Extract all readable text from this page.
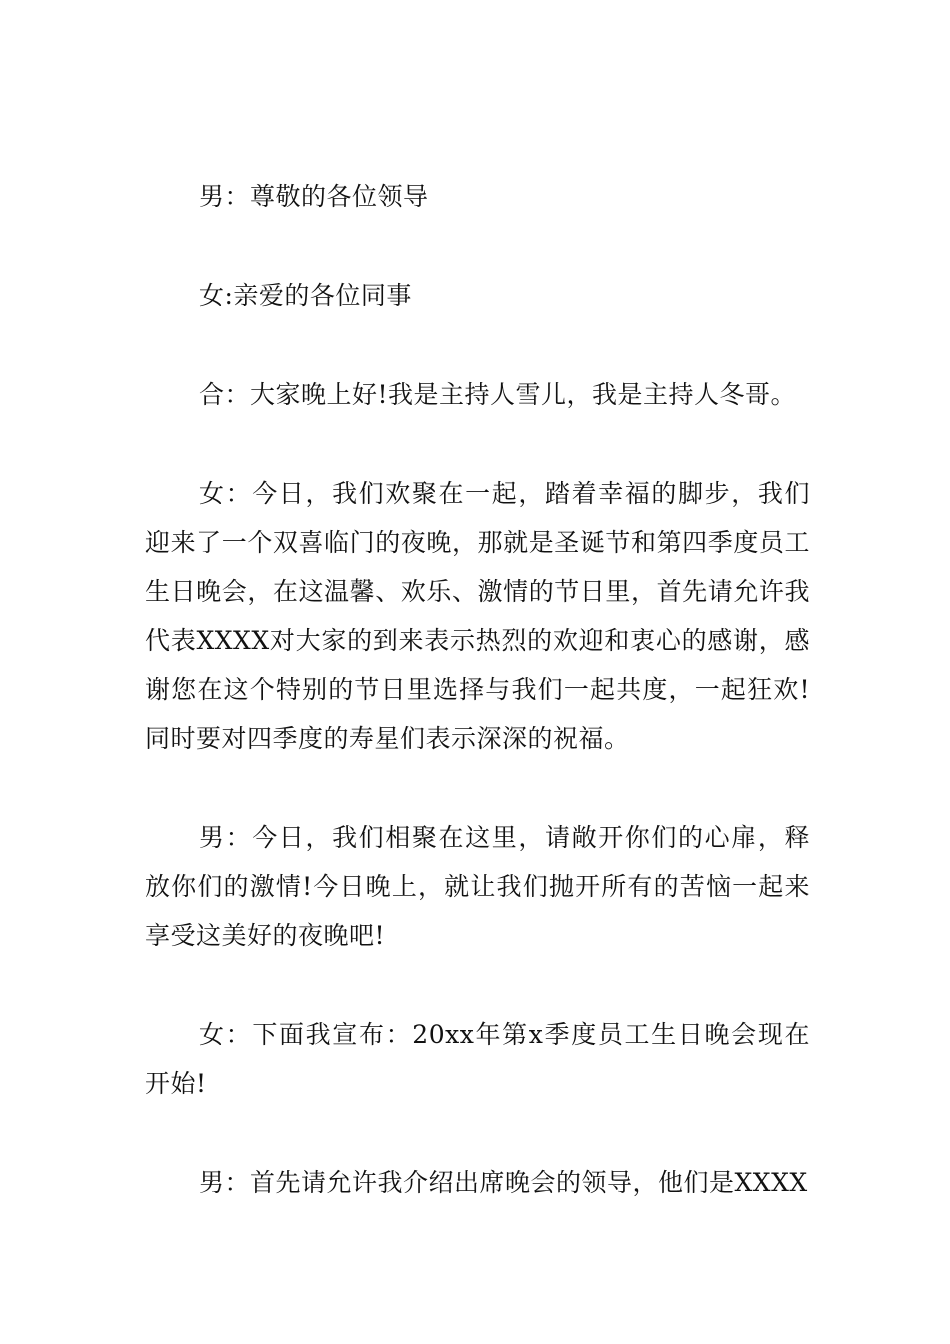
男：尊敬的各位领导

女:亲爱的各位同事

合：大家晚上好!我是主持人雪儿，我是主持人冬哥。

女：今日，我们欢聚在一起，踏着幸福的脚步，我们迎来了一个双喜临门的夜晚，那就是圣诞节和第四季度员工生日晚会，在这温馨、欢乐、激情的节日里，首先请允许我代表XXXX对大家的到来表示热烈的欢迎和衷心的感谢，感谢您在这个特别的节日里选择与我们一起共度，一起狂欢!同时要对四季度的寿星们表示深深的祝福。

男：今日，我们相聚在这里，请敞开你们的心扉，释放你们的激情!今日晚上，就让我们抛开所有的苦恼一起来享受这美好的夜晚吧!

女：下面我宣布：20xx年第x季度员工生日晚会现在开始!

男：首先请允许我介绍出席晚会的领导，他们是XXXX
